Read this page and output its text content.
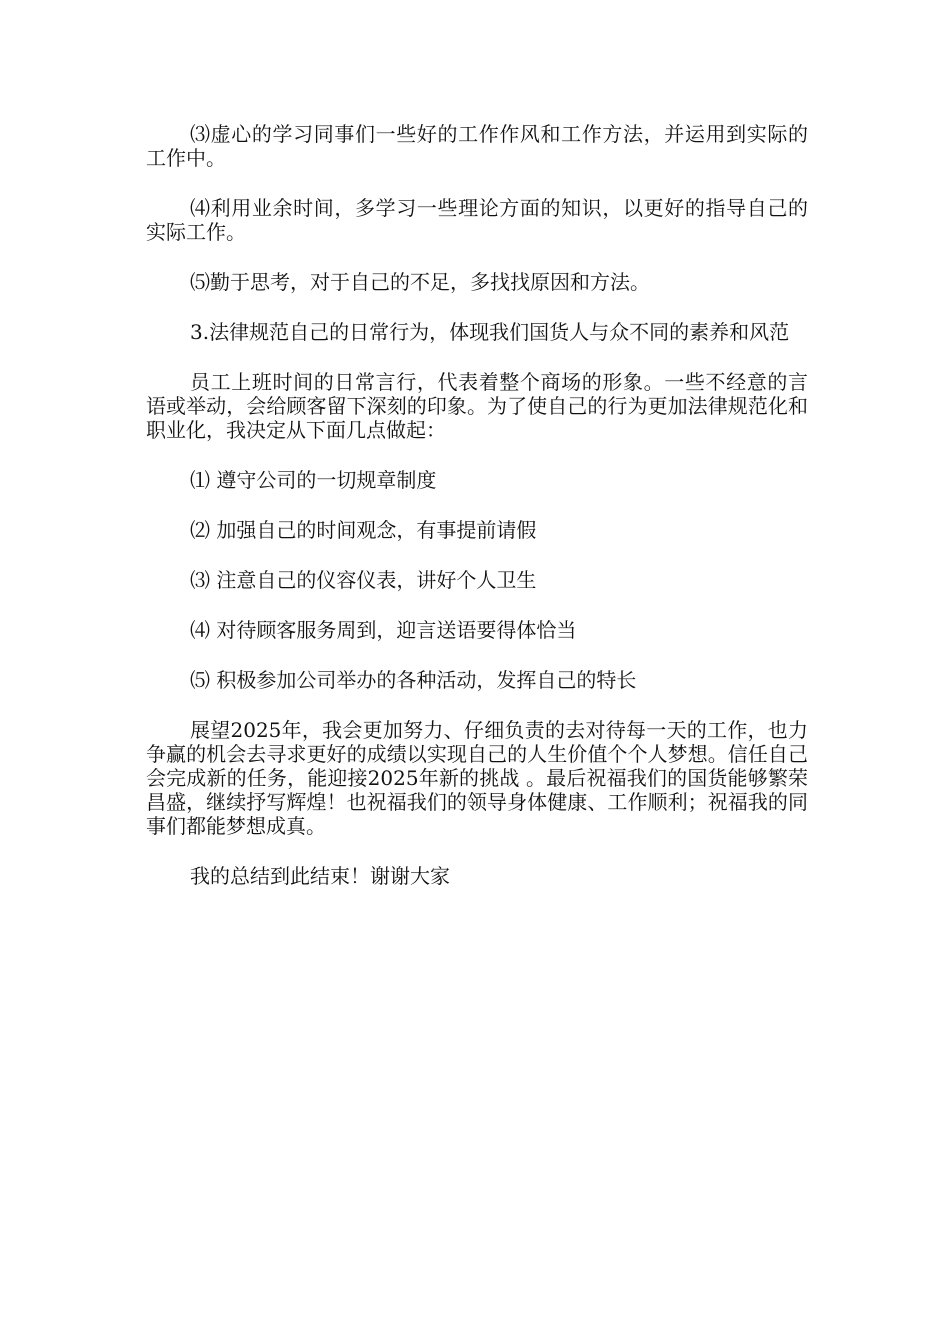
⑶虚心的学习同事们一些好的工作作风和工作方法，并运用到实际的工作中。

⑷利用业余时间，多学习一些理论方面的知识，以更好的指导自己的实际工作。

⑸勤于思考，对于自己的不足，多找找原因和方法。

3.法律规范自己的日常行为，体现我们国货人与众不同的素养和风范

员工上班时间的日常言行，代表着整个商场的形象。一些不经意的言语或举动，会给顾客留下深刻的印象。为了使自己的行为更加法律规范化和职业化，我决定从下面几点做起：

⑴ 遵守公司的一切规章制度

⑵ 加强自己的时间观念，有事提前请假

⑶ 注意自己的仪容仪表，讲好个人卫生

⑷ 对待顾客服务周到，迎言送语要得体恰当

⑸ 积极参加公司举办的各种活动，发挥自己的特长

展望2025年，我会更加努力、仔细负责的去对待每一天的工作，也力争赢的机会去寻求更好的成绩以实现自己的人生价值个个人梦想。信任自己会完成新的任务，能迎接2025年新的挑战 。最后祝福我们的国货能够繁荣昌盛，继续抒写辉煌！也祝福我们的领导身体健康、工作顺利；祝福我的同事们都能梦想成真。

我的总结到此结束！谢谢大家
